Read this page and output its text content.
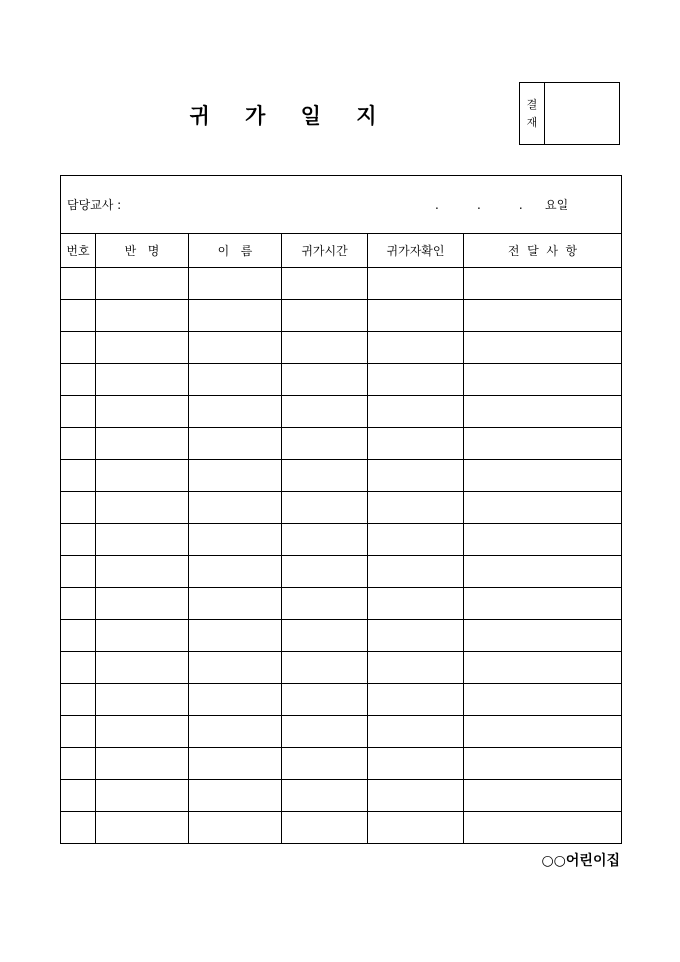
귀 가 일 지	결
재
담당교사 : .          .          . 요일					

번호	반   명	이   름	귀가시간	귀가자확인	전  달  사  항

○○어린이집
